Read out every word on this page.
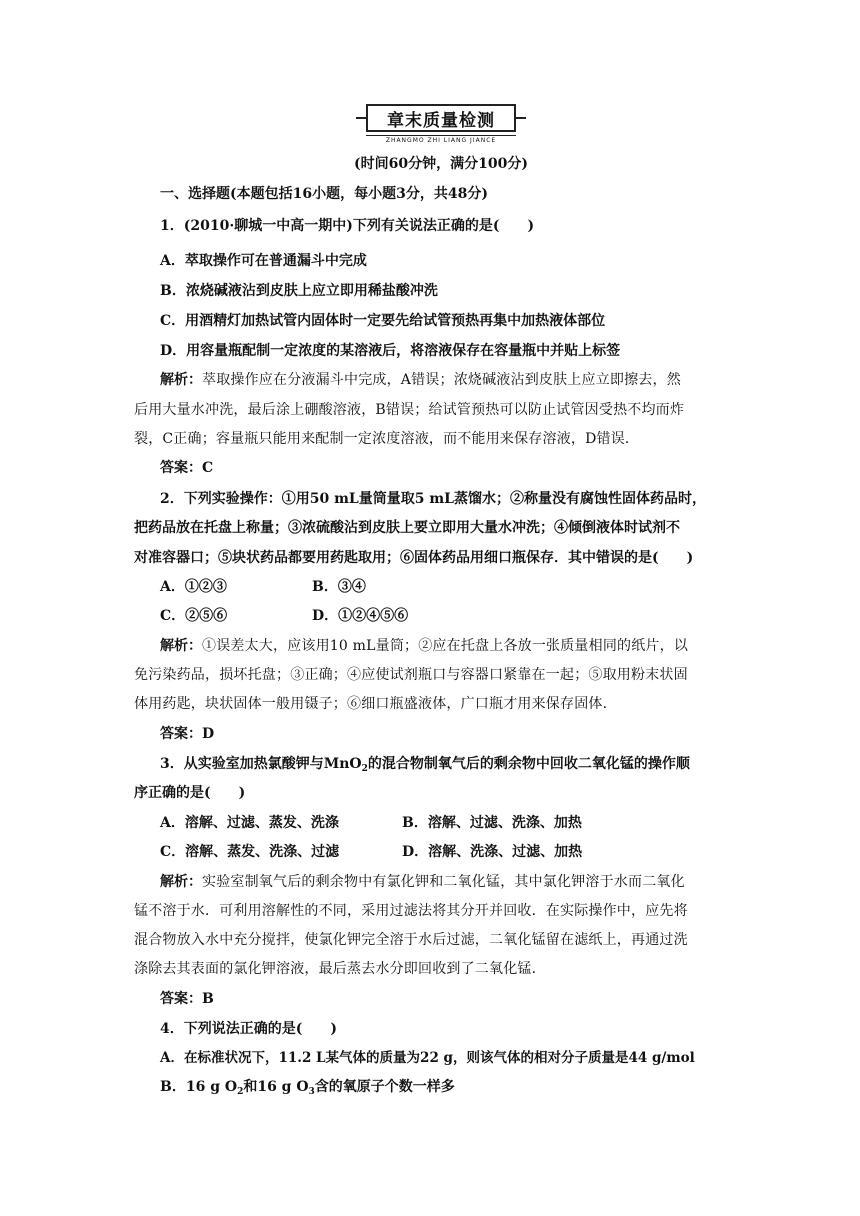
章末质量检测
ZHANGMO ZHI LIANG JIANCE
(时间60分钟，满分100分)
一、选择题(本题包括16小题，每小题3分，共48分)
1．(2010·聊城一中高一期中)下列有关说法正确的是(　　)
A．萃取操作可在普通漏斗中完成
B．浓烧碱液沾到皮肤上应立即用稀盐酸冲洗
C．用酒精灯加热试管内固体时一定要先给试管预热再集中加热液体部位
D．用容量瓶配制一定浓度的某溶液后，将溶液保存在容量瓶中并贴上标签
解析：萃取操作应在分液漏斗中完成，A错误；浓烧碱液沾到皮肤上应立即擦去，然
后用大量水冲洗，最后涂上硼酸溶液，B错误；给试管预热可以防止试管因受热不均而炸
裂，C正确；容量瓶只能用来配制一定浓度溶液，而不能用来保存溶液，D错误．
答案：C
2．下列实验操作：①用50 mL量筒量取5 mL蒸馏水；②称量没有腐蚀性固体药品时，
把药品放在托盘上称量；③浓硫酸沾到皮肤上要立即用大量水冲洗；④倾倒液体时试剂不
对准容器口；⑤块状药品都要用药匙取用；⑥固体药品用细口瓶保存．其中错误的是(　　)
A．①②③	B．③④
C．②⑤⑥	D．①②④⑤⑥
解析：①误差太大，应该用10 mL量筒；②应在托盘上各放一张质量相同的纸片，以
免污染药品，损坏托盘；③正确；④应使试剂瓶口与容器口紧靠在一起；⑤取用粉末状固
体用药匙，块状固体一般用镊子；⑥细口瓶盛液体，广口瓶才用来保存固体．
答案：D
3．从实验室加热氯酸钾与MnO$_2$的混合物制氧气后的剩余物中回收二氧化锰的操作顺
序正确的是(　　)
A．溶解、过滤、蒸发、洗涤	B．溶解、过滤、洗涤、加热
C．溶解、蒸发、洗涤、过滤	D．溶解、洗涤、过滤、加热
解析：实验室制氧气后的剩余物中有氯化钾和二氧化锰，其中氯化钾溶于水而二氧化
锰不溶于水．可利用溶解性的不同，采用过滤法将其分开并回收．在实际操作中，应先将
混合物放入水中充分搅拌，使氯化钾完全溶于水后过滤，二氧化锰留在滤纸上，再通过洗
涤除去其表面的氯化钾溶液，最后蒸去水分即回收到了二氧化锰．
答案：B
4．下列说法正确的是(　　)
A．在标准状况下，11.2 L某气体的质量为22 g，则该气体的相对分子质量是44 g/mol
B．16 g $O_2$和16 g $O_3$含的氧原子个数一样多
